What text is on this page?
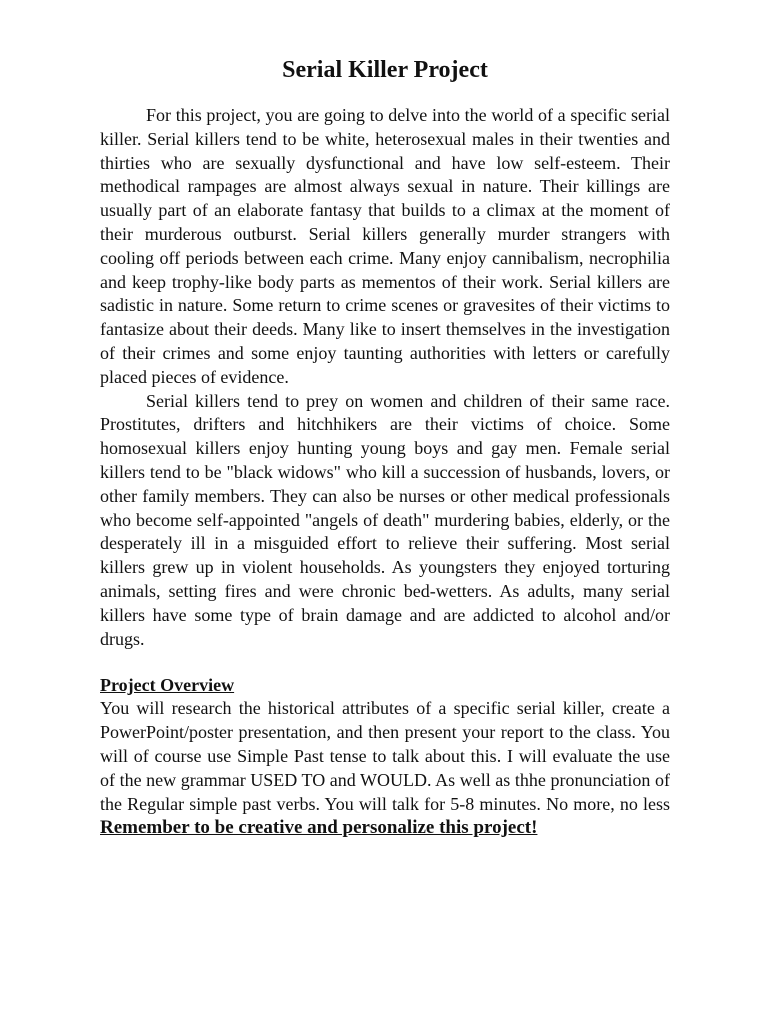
Serial Killer Project

For this project, you are going to delve into the world of a specific serial killer. Serial killers tend to be white, heterosexual males in their twenties and thirties who are sexually dysfunctional and have low self-esteem. Their methodical rampages are almost always sexual in nature. Their killings are usually part of an elaborate fantasy that builds to a climax at the moment of their murderous outburst. Serial killers generally murder strangers with cooling off periods between each crime. Many enjoy cannibalism, necrophilia and keep trophy-like body parts as mementos of their work. Serial killers are sadistic in nature. Some return to crime scenes or gravesites of their victims to fantasize about their deeds. Many like to insert themselves in the investigation of their crimes and some enjoy taunting authorities with letters or carefully placed pieces of evidence.

Serial killers tend to prey on women and children of their same race. Prostitutes, drifters and hitchhikers are their victims of choice. Some homosexual killers enjoy hunting young boys and gay men. Female serial killers tend to be "black widows" who kill a succession of husbands, lovers, or other family members. They can also be nurses or other medical professionals who become self-appointed "angels of death" murdering babies, elderly, or the desperately ill in a misguided effort to relieve their suffering. Most serial killers grew up in violent households. As youngsters they enjoyed torturing animals, setting fires and were chronic bed-wetters. As adults, many serial killers have some type of brain damage and are addicted to alcohol and/or drugs.

Project Overview

You will research the historical attributes of a specific serial killer, create a PowerPoint/poster presentation, and then present your report to the class. You will of course use Simple Past tense to talk about this. I will evaluate the use of the new grammar USED TO and WOULD. As well as thhe pronunciation of the Regular simple past verbs. You will talk for 5-8 minutes. No more, no less Remember to be creative and personalize this project!
